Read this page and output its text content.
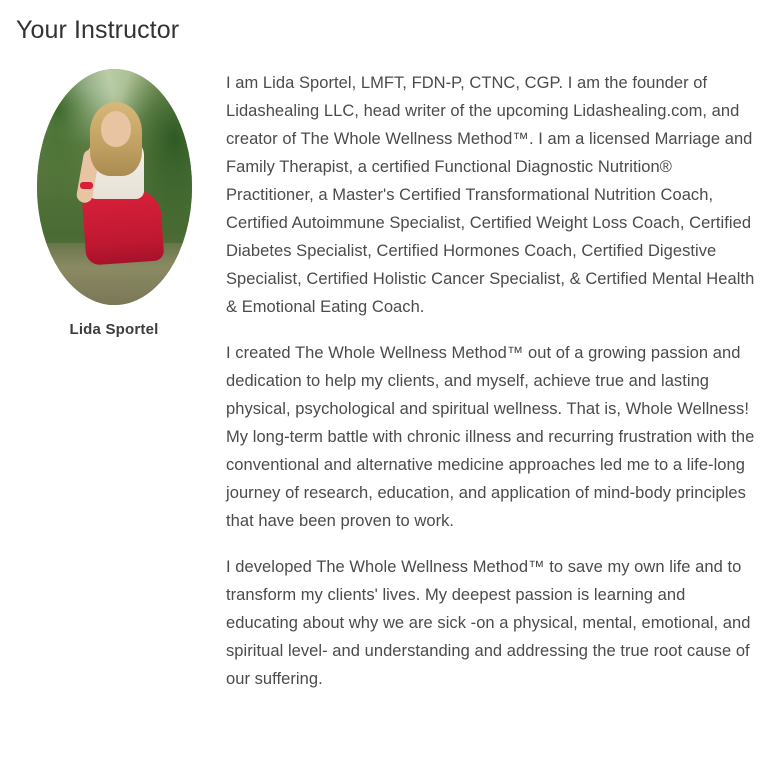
Your Instructor
Lida Sportel

I am Lida Sportel, LMFT, FDN-P, CTNC, CGP. I am the founder of Lidashealing LLC, head writer of the upcoming Lidashealing.com, and creator of The Whole Wellness Method™. I am a licensed Marriage and Family Therapist, a certified Functional Diagnostic Nutrition® Practitioner, a Master's Certified Transformational Nutrition Coach, Certified Autoimmune Specialist, Certified Weight Loss Coach, Certified Diabetes Specialist, Certified Hormones Coach, Certified Digestive Specialist, Certified Holistic Cancer Specialist, & Certified Mental Health & Emotional Eating Coach.

I created The Whole Wellness Method™ out of a growing passion and dedication to help my clients, and myself, achieve true and lasting physical, psychological and spiritual wellness. That is, Whole Wellness! My long-term battle with chronic illness and recurring frustration with the conventional and alternative medicine approaches led me to a life-long journey of research, education, and application of mind-body principles that have been proven to work.

I developed The Whole Wellness Method™ to save my own life and to transform my clients' lives. My deepest passion is learning and educating about why we are sick -on a physical, mental, emotional, and spiritual level- and understanding and addressing the true root cause of our suffering.
